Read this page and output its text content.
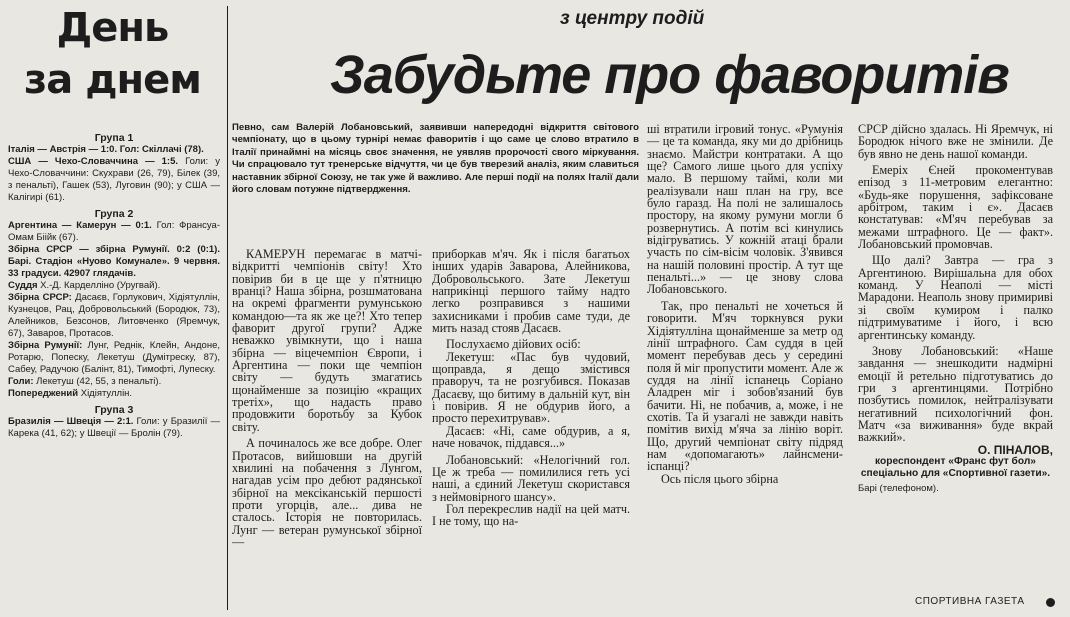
День
за днем
з центру подій
Забудьте про фаворитів
Певно, сам Валерій Лобановський, заявивши напередодні відкриття світового чемпіонату, що в цьому турнірі немає фаворитів і що саме це слово втратило в Італії принаймні на місяць своє значення, не уявляв пророчості свого міркування. Чи спрацювало тут тренерське відчуття, чи це був тверезий аналіз, яким славиться наставник збірної Союзу, не так уже й важливо. Але перші події на полях Італії дали його словам потужне підтвердження.
Група 1
Італія — Австрія — 1:0. Гол: Скіллачі (78).
США — Чехо-Словаччина — 1:5. Голи: у Чехо-Словаччини: Скухрави (26, 79), Білек (39, з пенальті), Гашек (53), Луговин (90); у США — Калігирі (61).
Група 2
Аргентина — Камерун — 0:1. Гол: Франсуа-Омам Біійк (67).
Збірна СРСР — збірна Румунії. 0:2 (0:1). Барі. Стадіон «Нуово Комунале». 9 червня. 33 градуси. 42907 глядачів.
Суддя Х.-Д. Карделліно (Уругвай).
Збірна СРСР: Дасаєв, Горлукович, Хідіятуллін, Кузнецов, Рац, Добровольський (Бородюк, 73), Алейников, Безсонов, Литовченко (Яремчук, 67), Заваров, Протасов.
Збірна Румунії: Лунг, Реднік, Клейн, Андоне, Ротарю, Попеску, Лекетуш (Думітреску, 87), Сабеу, Радучою (Балінт, 81), Тимофті, Лупеску.
Голи: Лекетуш (42, 55, з пенальті).
Попереджений Хідіятуллін.
Група 3
Бразилія — Швеція — 2:1. Голи: у Бразилії — Карека (41, 62); у Швеції — Бролін (79).

КАМЕРУН перемагає в матчі-відкритті чемпіонів світу! Хто повірив би в це ще у п'ятницю вранці? Наша збірна, розшматована на окремі фрагменти румунською командою—та як же це?! Хто тепер фаворит другої групи? Адже неважко увімкнути, що і наша збірна — віцечемпіон Європи, і Аргентина — поки ще чемпіон світу — будуть змагатись щонайменше за позицію «кращих третіх», що надасть право продовжити боротьбу за Кубок світу.

А починалось же все добре. Олег Протасов, вийшовши на другій хвилині на побачення з Лунгом, нагадав усім про дебют радянської збірної на мексіканській першості проти угорців, але... дива не сталось. Історія не повторилась. Лунг — ветеран румунської збірної —

приборкав м'яч. Як і після багатьох інших ударів Заварова, Алейникова, Добровольського. Зате Лекетуш наприкінці першого тайму надто легко розправився з нашими захисниками і пробив саме туди, де мить назад стояв Дасаєв.

Послухаємо дійових осіб:

Лекетуш: «Пас був чудовий, щоправда, я дещо змістився праворуч, та не розгубився. Показав Дасаєву, що битиму в дальній кут, він і повірив. Я не обдурив його, а просто перехитрував».

Дасаєв: «Ні, саме обдурив, а я, наче новачок, піддався...»

Лобановський: «Нелогічний гол. Це ж треба — помилилися геть усі наші, а єдиний Лекетуш скористався з неймовірного шансу».

Гол перекреслив надії на цей матч. І не тому, що на-

ші втратили ігровий тонус. «Румунія — це та команда, яку ми до дрібниць знаємо. Майстри контратаки. А що ще? Самого лише цього для успіху мало. В першому таймі, коли ми реалізували наш план на гру, все було гаразд. На полі не залишалось простору, на якому румуни могли б розвернутись. А потім всі кинулись відігруватись. У кожній атаці брали участь по сім-вісім чоловік. З'явився на нашій половині простір. А тут ще пенальті...» — це знову слова Лобановського.

Так, про пенальті не хочеться й говорити. М'яч торкнувся руки Хідіятулліна щонайменше за метр од лінії штрафного. Сам суддя в цей момент перебував десь у середині поля й міг пропустити момент. Але ж суддя на лінії іспанець Соріано Аладрен міг і зобов'язаний був бачити. Ні, не побачив, а, може, і не схотів. Та й узагалі не завжди навіть помітив вихід м'яча за лінію воріт. Що, другий чемпіонат світу підряд нам «допомагають» лайнсмени-іспанці?

Ось після цього збірна

СРСР дійсно здалась. Ні Яремчук, ні Бородюк нічого вже не змінили. Де був явно не день нашої команди.

Емеріх Єней прокоментував епізод з 11-метровим елегантно: «Будь-яке порушення, зафіксоване арбітром, таким і є». Дасаєв констатував: «М'яч перебував за межами штрафного. Це — факт». Лобановський промовчав.

Що далі? Завтра — гра з Аргентиною. Вирішальна для обох команд. У Неаполі — місті Марадони. Неаполь знову примириві зі своїм кумиром і палко підтримуватиме і його, і всю аргентинську команду.

Знову Лобановський: «Наше завдання — знешкодити надмірні емоції й ретельно підготуватись до гри з аргентинцями. Потрібно позбутись помилок, нейтралізувати негативний психологічний фон. Матч «за виживання» буде вкрай важкий».

О. ПІНАЛОВ,
кореспондент «Франс фут бол» спеціально для «Спортивної газети».
Барі (телефоном).
СПОРТИВНА ГАЗЕТА
